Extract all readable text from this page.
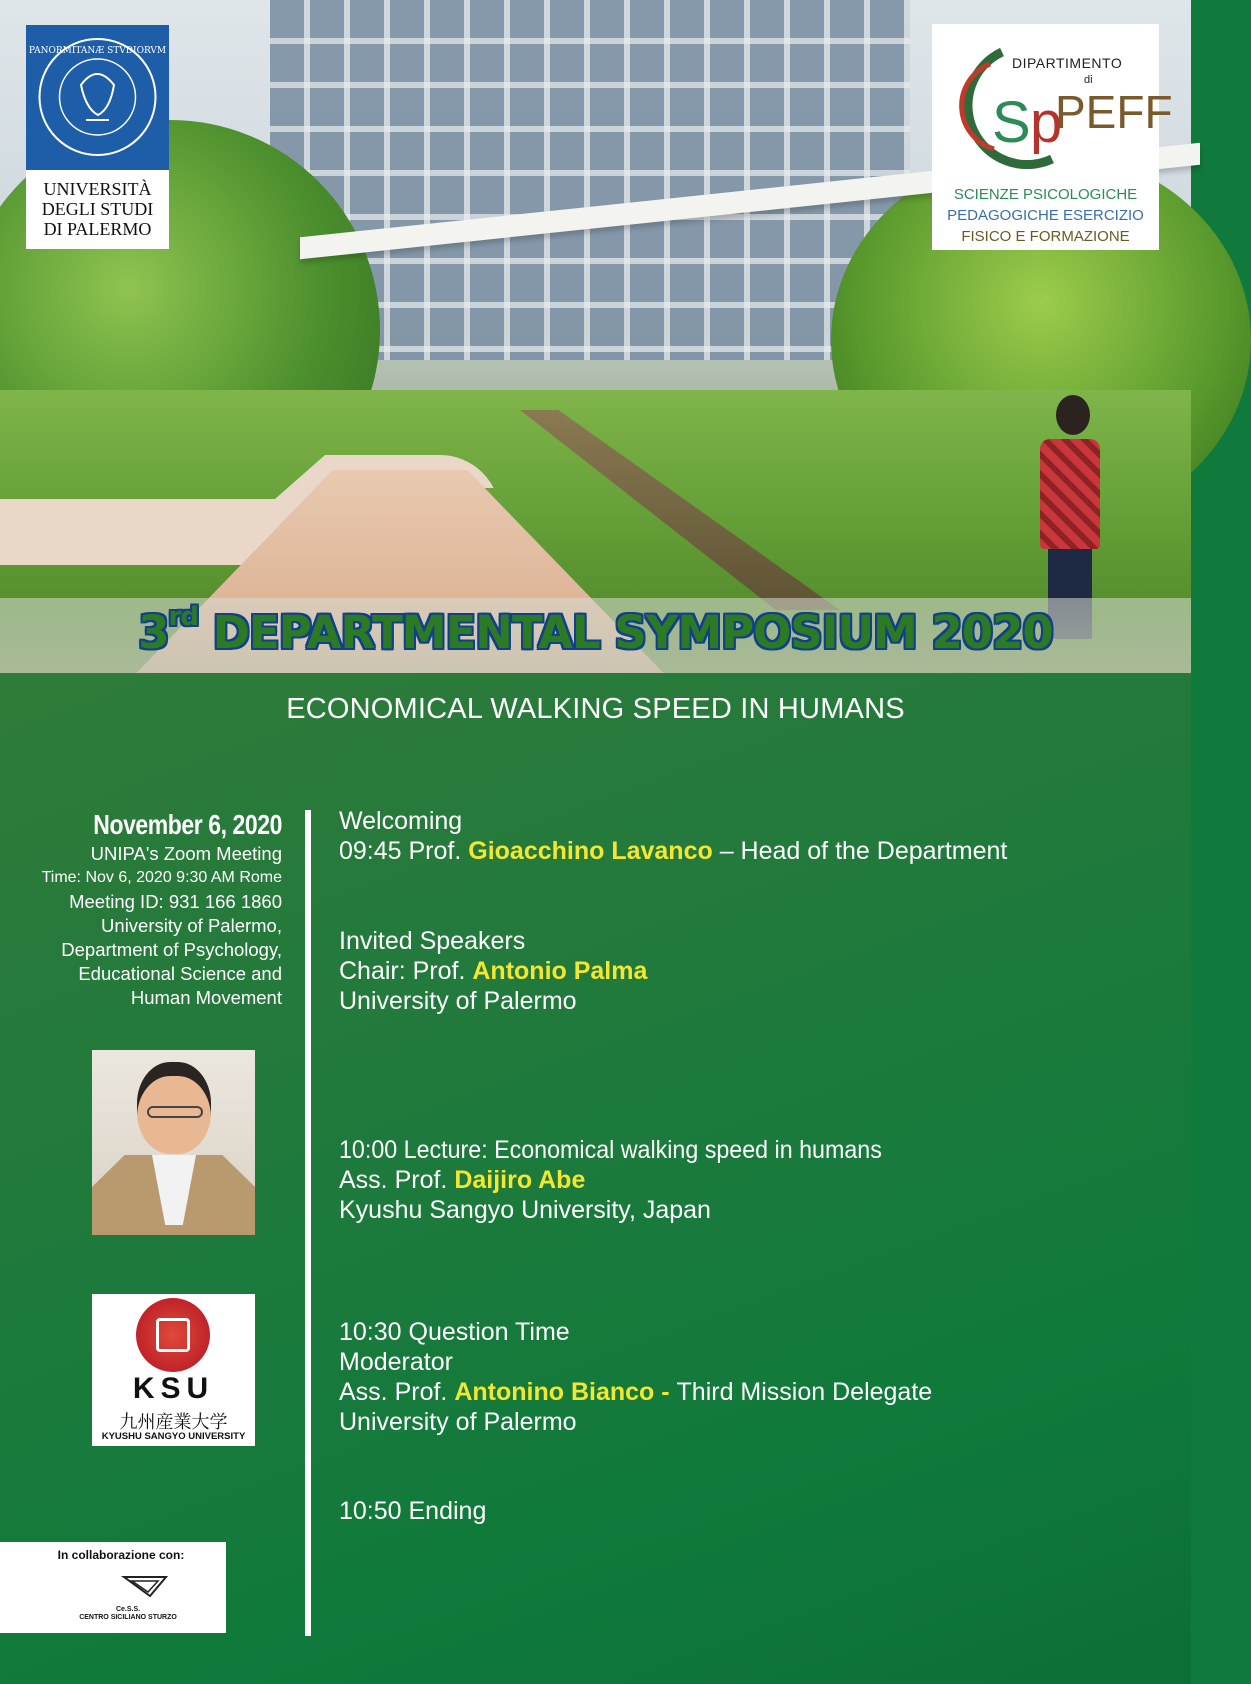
PANORMITANÆ STVDIORVM
UNIVERSITÀ
DEGLI STUDI
DI PALERMO
S p
PEFF
DIPARTIMENTO
di
SCIENZE PSICOLOGICHE
PEDAGOGICHE ESERCIZIO
FISICO E FORMAZIONE
3rd DEPARTMENTAL SYMPOSIUM 2020
ECONOMICAL WALKING SPEED IN HUMANS
November 6, 2020
UNIPA's Zoom Meeting
Time: Nov 6, 2020 9:30 AM Rome
Meeting ID: 931 166 1860
University of Palermo,
Department of Psychology,
Educational Science and
Human Movement
KSU
九州産業大学
KYUSHU SANGYO UNIVERSITY
In collaborazione con:
Ce.S.S.
CENTRO SICILIANO STURZO
Welcoming
09:45 Prof. Gioacchino Lavanco – Head of the Department
Invited Speakers
Chair: Prof. Antonio Palma
University of Palermo
10:00 Lecture: Economical walking speed in humans
Ass. Prof. Daijiro Abe
Kyushu Sangyo University, Japan
10:30 Question Time
Moderator
Ass. Prof. Antonino Bianco - Third Mission Delegate
University of Palermo
10:50 Ending
